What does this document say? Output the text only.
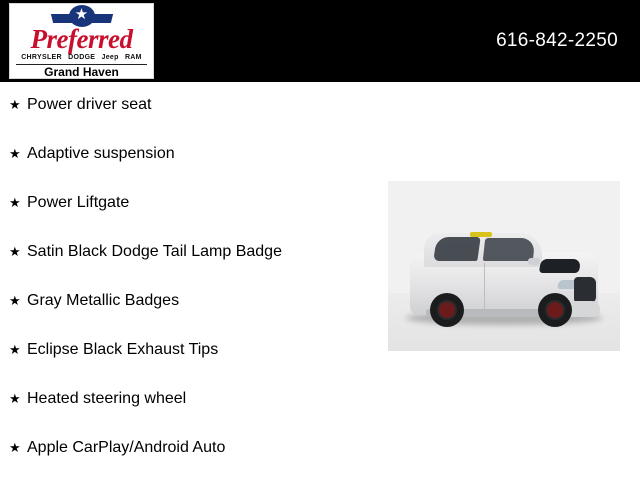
★
Preferred
CHRYSLER DODGE Jeep RAM
Grand Haven
616-842-2250
★ Power driver seat
★ Adaptive suspension
★ Power Liftgate
★ Satin Black Dodge Tail Lamp Badge
★ Gray Metallic Badges
★ Eclipse Black Exhaust Tips
★ Heated steering wheel
★ Apple CarPlay/Android Auto
